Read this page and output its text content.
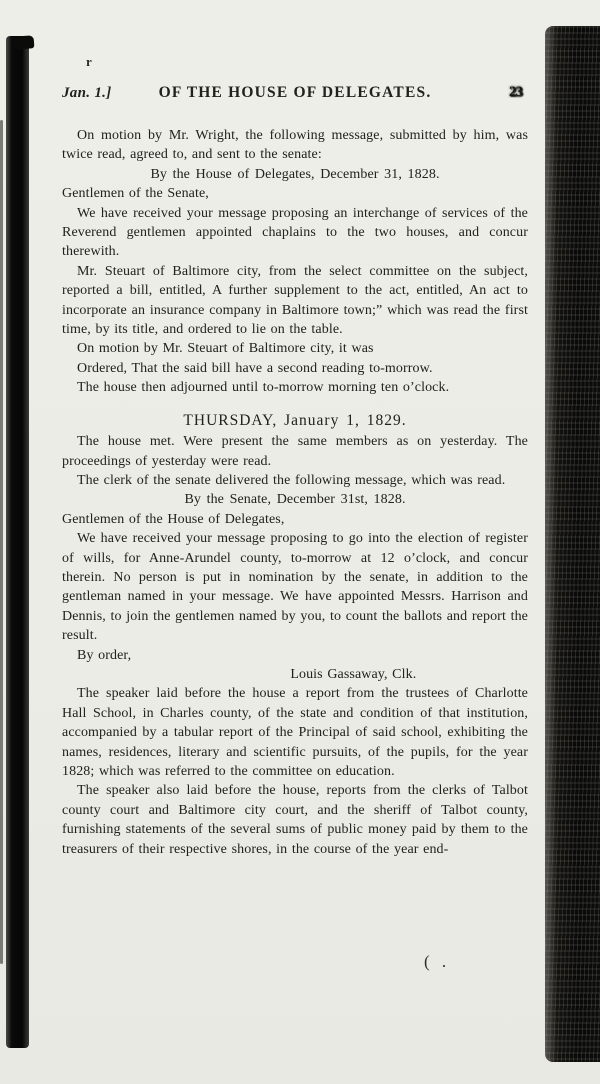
Jan. 1.]	OF THE HOUSE OF DELEGATES.	23

On motion by Mr. Wright, the following message, submitted by him, was twice read, agreed to, and sent to the senate:

By the House of Delegates, December 31, 1828.

Gentlemen of the Senate,

We have received your message proposing an interchange of services of the Reverend gentlemen appointed chaplains to the two houses, and concur therewith.

Mr. Steuart of Baltimore city, from the select committee on the subject, reported a bill, entitled, A further supplement to the act, entitled, An act to incorporate an insurance company in Baltimore town;” which was read the first time, by its title, and ordered to lie on the table.

On motion by Mr. Steuart of Baltimore city, it was

Ordered, That the said bill have a second reading to-morrow.

The house then adjourned until to-morrow morning ten o’clock.

THURSDAY, January 1, 1829.

The house met. Were present the same members as on yesterday. The proceedings of yesterday were read.

The clerk of the senate delivered the following message, which was read.

By the Senate, December 31st, 1828.

Gentlemen of the House of Delegates,

We have received your message proposing to go into the election of register of wills, for Anne-Arundel county, to-morrow at 12 o’clock, and concur therein. No person is put in nomination by the senate, in addition to the gentleman named in your message. We have appointed Messrs. Harrison and Dennis, to join the gentlemen named by you, to count the ballots and report the result.

By order,

Louis Gassaway, Clk.

The speaker laid before the house a report from the trustees of Charlotte Hall School, in Charles county, of the state and condition of that institution, accompanied by a tabular report of the Principal of said school, exhibiting the names, residences, literary and scientific pursuits, of the pupils, for the year 1828; which was referred to the committee on education.

The speaker also laid before the house, reports from the clerks of Talbot county court and Baltimore city court, and the sheriff of Talbot county, furnishing statements of the several sums of public money paid by them to the treasurers of their respective shores, in the course of the year end-

r
( .
